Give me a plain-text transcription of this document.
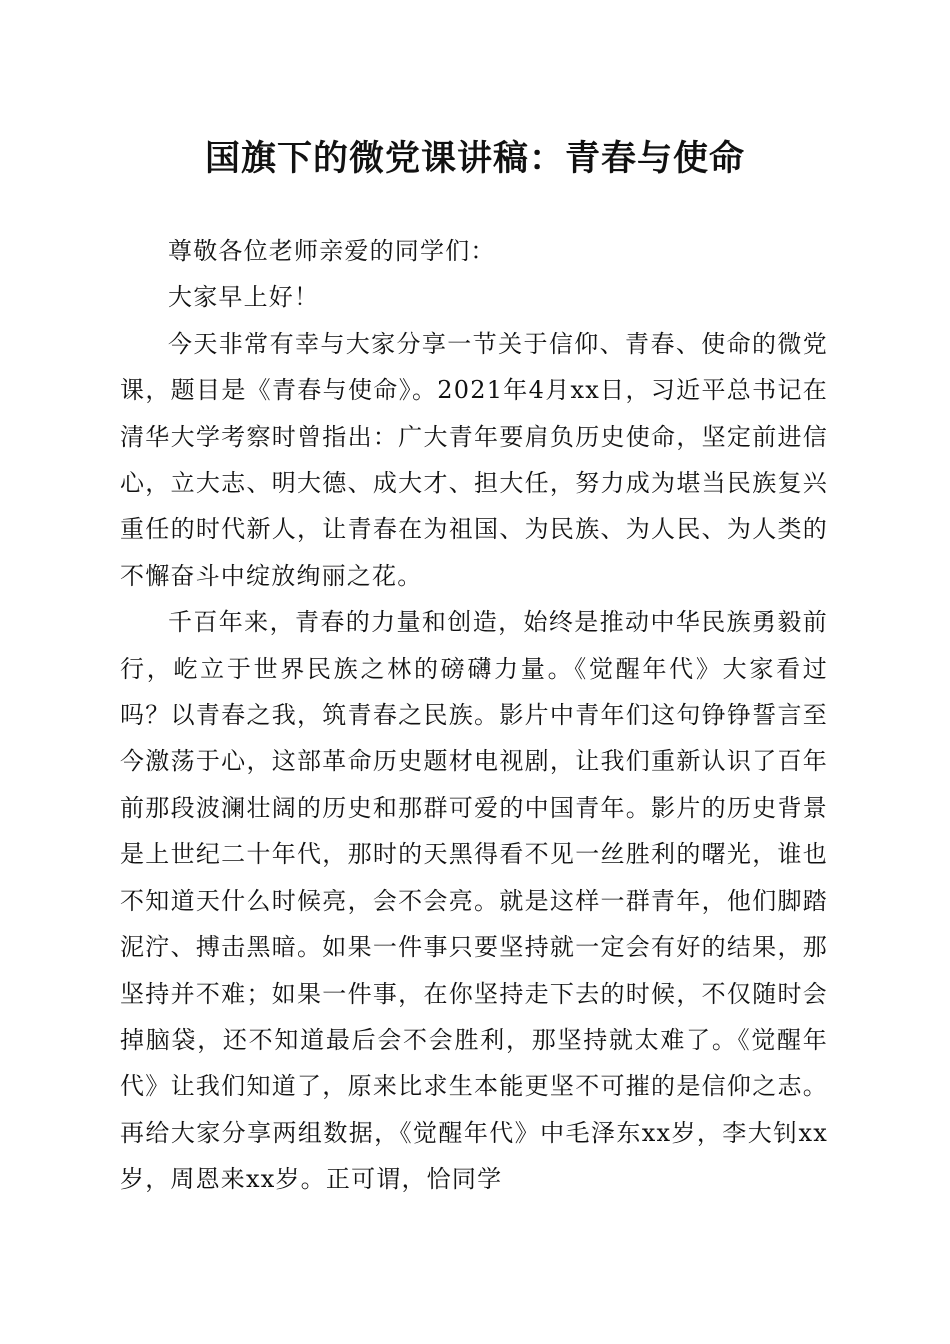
国旗下的微党课讲稿：青春与使命

尊敬各位老师亲爱的同学们：

大家早上好！

今天非常有幸与大家分享一节关于信仰、青春、使命的微党课，题目是《青春与使命》。2021年4月xx日，习近平总书记在清华大学考察时曾指出：广大青年要肩负历史使命，坚定前进信心，立大志、明大德、成大才、担大任，努力成为堪当民族复兴重任的时代新人，让青春在为祖国、为民族、为人民、为人类的不懈奋斗中绽放绚丽之花。

千百年来，青春的力量和创造，始终是推动中华民族勇毅前行，屹立于世界民族之林的磅礴力量。《觉醒年代》大家看过吗？以青春之我，筑青春之民族。影片中青年们这句铮铮誓言至今激荡于心，这部革命历史题材电视剧，让我们重新认识了百年前那段波澜壮阔的历史和那群可爱的中国青年。影片的历史背景是上世纪二十年代，那时的天黑得看不见一丝胜利的曙光，谁也不知道天什么时候亮，会不会亮。就是这样一群青年，他们脚踏泥泞、搏击黑暗。如果一件事只要坚持就一定会有好的结果，那坚持并不难；如果一件事，在你坚持走下去的时候，不仅随时会掉脑袋，还不知道最后会不会胜利，那坚持就太难了。《觉醒年代》让我们知道了，原来比求生本能更坚不可摧的是信仰之志。再给大家分享两组数据，《觉醒年代》中毛泽东xx岁，李大钊xx岁，周恩来xx岁。正可谓，恰同学
